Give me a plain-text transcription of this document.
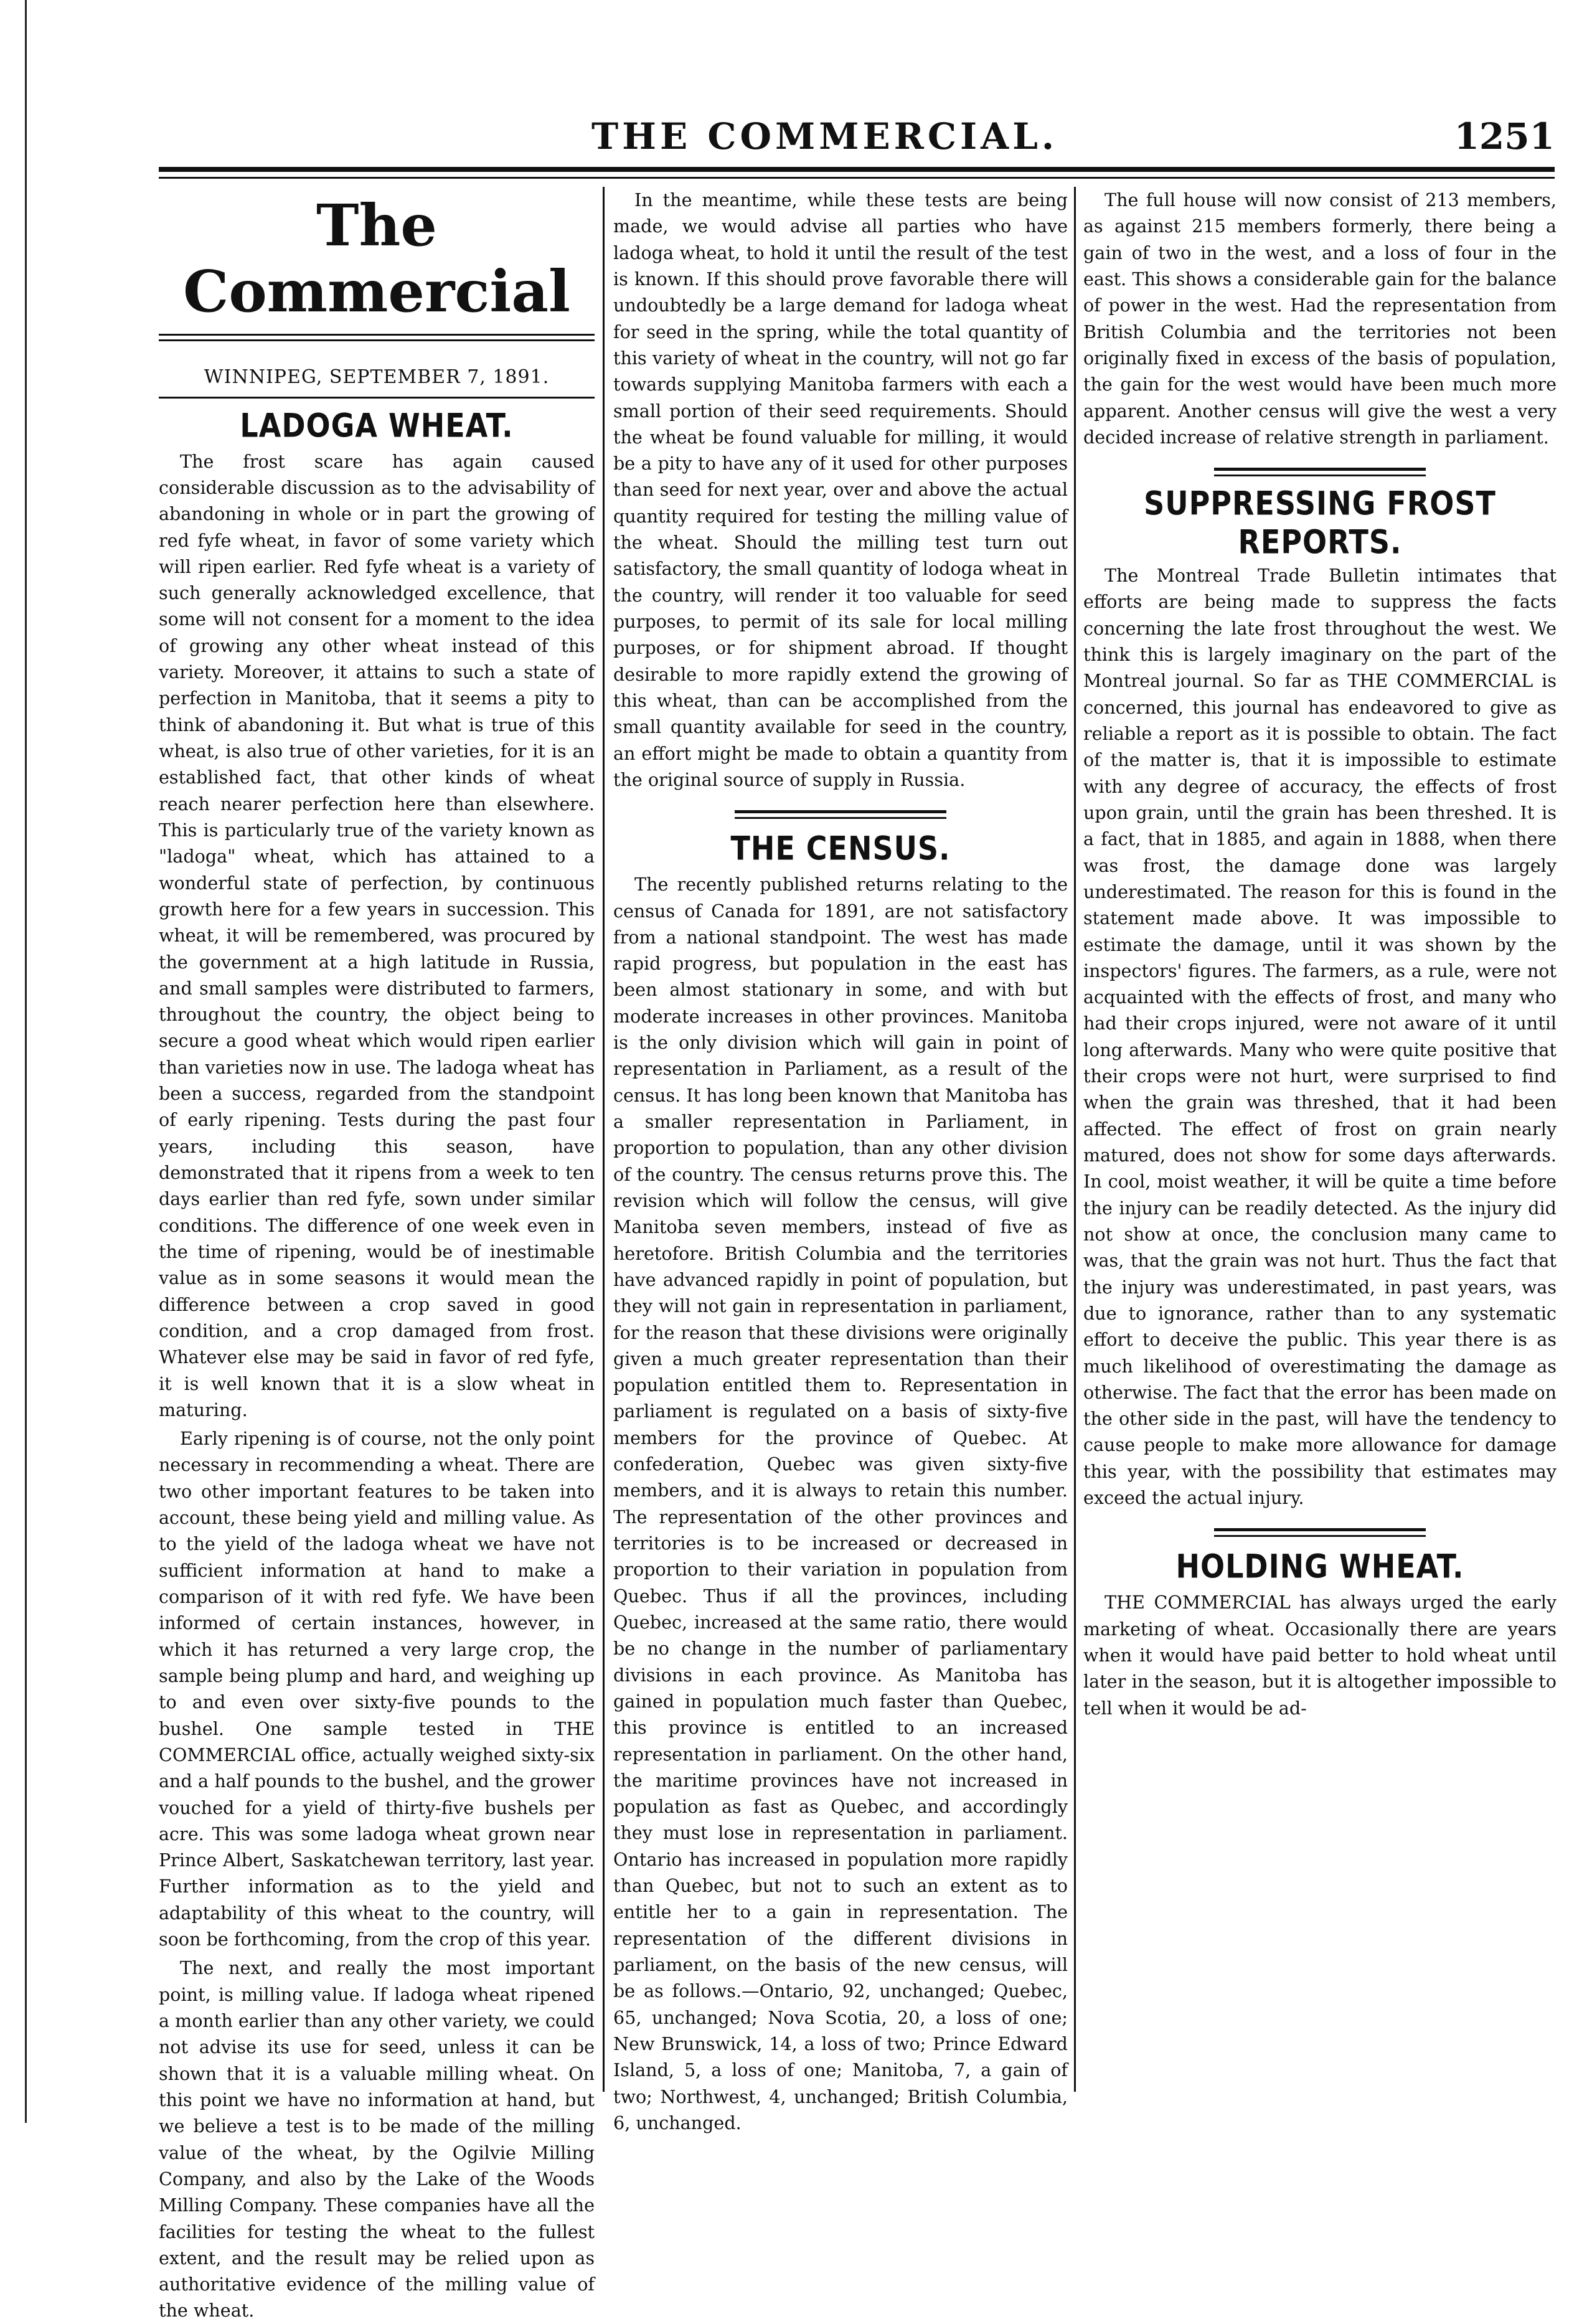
THE COMMERCIAL.	1251
The Commercial
WINNIPEG, SEPTEMBER 7, 1891.
LADOGA WHEAT.

The frost scare has again caused considerable discussion as to the advisability of abandoning in whole or in part the growing of red fyfe wheat, in favor of some variety which will ripen earlier. Red fyfe wheat is a variety of such generally acknowledged excellence, that some will not consent for a moment to the idea of growing any other wheat instead of this variety. Moreover, it attains to such a state of perfection in Manitoba, that it seems a pity to think of abandoning it. But what is true of this wheat, is also true of other varieties, for it is an established fact, that other kinds of wheat reach nearer perfection here than elsewhere. This is particularly true of the variety known as "ladoga" wheat, which has attained to a wonderful state of perfection, by continuous growth here for a few years in succession. This wheat, it will be remembered, was procured by the government at a high latitude in Russia, and small samples were distributed to farmers, throughout the country, the object being to secure a good wheat which would ripen earlier than varieties now in use. The ladoga wheat has been a success, regarded from the standpoint of early ripening. Tests during the past four years, including this season, have demonstrated that it ripens from a week to ten days earlier than red fyfe, sown under similar conditions. The difference of one week even in the time of ripening, would be of inestimable value as in some seasons it would mean the difference between a crop saved in good condition, and a crop damaged from frost. Whatever else may be said in favor of red fyfe, it is well known that it is a slow wheat in maturing.

Early ripening is of course, not the only point necessary in recommending a wheat. There are two other important features to be taken into account, these being yield and milling value. As to the yield of the ladoga wheat we have not sufficient information at hand to make a comparison of it with red fyfe. We have been informed of certain instances, however, in which it has returned a very large crop, the sample being plump and hard, and weighing up to and even over sixty-five pounds to the bushel. One sample tested in THE COMMERCIAL office, actually weighed sixty-six and a half pounds to the bushel, and the grower vouched for a yield of thirty-five bushels per acre. This was some ladoga wheat grown near Prince Albert, Saskatchewan territory, last year. Further information as to the yield and adaptability of this wheat to the country, will soon be forthcoming, from the crop of this year.

The next, and really the most important point, is milling value. If ladoga wheat ripened a month earlier than any other variety, we could not advise its use for seed, unless it can be shown that it is a valuable milling wheat. On this point we have no information at hand, but we believe a test is to be made of the milling value of the wheat, by the Ogilvie Milling Company, and also by the Lake of the Woods Milling Company. These companies have all the facilities for testing the wheat to the fullest extent, and the result may be relied upon as authoritative evidence of the milling value of the wheat.

In the meantime, while these tests are being made, we would advise all parties who have ladoga wheat, to hold it until the result of the test is known. If this should prove favorable there will undoubtedly be a large demand for ladoga wheat for seed in the spring, while the total quantity of this variety of wheat in the country, will not go far towards supplying Manitoba farmers with each a small portion of their seed requirements. Should the wheat be found valuable for milling, it would be a pity to have any of it used for other purposes than seed for next year, over and above the actual quantity required for testing the milling value of the wheat. Should the milling test turn out satisfactory, the small quantity of lodoga wheat in the country, will render it too valuable for seed purposes, to permit of its sale for local milling purposes, or for shipment abroad. If thought desirable to more rapidly extend the growing of this wheat, than can be accomplished from the small quantity available for seed in the country, an effort might be made to obtain a quantity from the original source of supply in Russia.

THE CENSUS.

The recently published returns relating to the census of Canada for 1891, are not satisfactory from a national standpoint. The west has made rapid progress, but population in the east has been almost stationary in some, and with but moderate increases in other provinces. Manitoba is the only division which will gain in point of representation in Parliament, as a result of the census. It has long been known that Manitoba has a smaller representation in Parliament, in proportion to population, than any other division of the country. The census returns prove this. The revision which will follow the census, will give Manitoba seven members, instead of five as heretofore. British Columbia and the territories have advanced rapidly in point of population, but they will not gain in representation in parliament, for the reason that these divisions were originally given a much greater representation than their population entitled them to. Representation in parliament is regulated on a basis of sixty-five members for the province of Quebec. At confederation, Quebec was given sixty-five members, and it is always to retain this number. The representation of the other provinces and territories is to be increased or decreased in proportion to their variation in population from Quebec. Thus if all the provinces, including Quebec, increased at the same ratio, there would be no change in the number of parliamentary divisions in each province. As Manitoba has gained in population much faster than Quebec, this province is entitled to an increased representation in parliament. On the other hand, the maritime provinces have not increased in population as fast as Quebec, and accordingly they must lose in representation in parliament. Ontario has increased in population more rapidly than Quebec, but not to such an extent as to entitle her to a gain in representation. The representation of the different divisions in parliament, on the basis of the new census, will be as follows.—Ontario, 92, unchanged; Quebec, 65, unchanged; Nova Scotia, 20, a loss of one; New Brunswick, 14, a loss of two; Prince Edward Island, 5, a loss of one; Manitoba, 7, a gain of two; Northwest, 4, unchanged; British Columbia, 6, unchanged.

The full house will now consist of 213 members, as against 215 members formerly, there being a gain of two in the west, and a loss of four in the east. This shows a considerable gain for the balance of power in the west. Had the representation from British Columbia and the territories not been originally fixed in excess of the basis of population, the gain for the west would have been much more apparent. Another census will give the west a very decided increase of relative strength in parliament.

SUPPRESSING FROST REPORTS.

The Montreal Trade Bulletin intimates that efforts are being made to suppress the facts concerning the late frost throughout the west. We think this is largely imaginary on the part of the Montreal journal. So far as THE COMMERCIAL is concerned, this journal has endeavored to give as reliable a report as it is possible to obtain. The fact of the matter is, that it is impossible to estimate with any degree of accuracy, the effects of frost upon grain, until the grain has been threshed. It is a fact, that in 1885, and again in 1888, when there was frost, the damage done was largely underestimated. The reason for this is found in the statement made above. It was impossible to estimate the damage, until it was shown by the inspectors' figures. The farmers, as a rule, were not acquainted with the effects of frost, and many who had their crops injured, were not aware of it until long afterwards. Many who were quite positive that their crops were not hurt, were surprised to find when the grain was threshed, that it had been affected. The effect of frost on grain nearly matured, does not show for some days afterwards. In cool, moist weather, it will be quite a time before the injury can be readily detected. As the injury did not show at once, the conclusion many came to was, that the grain was not hurt. Thus the fact that the injury was underestimated, in past years, was due to ignorance, rather than to any systematic effort to deceive the public. This year there is as much likelihood of overestimating the damage as otherwise. The fact that the error has been made on the other side in the past, will have the tendency to cause people to make more allowance for damage this year, with the possibility that estimates may exceed the actual injury.

HOLDING WHEAT.

THE COMMERCIAL has always urged the early marketing of wheat. Occasionally there are years when it would have paid better to hold wheat until later in the season, but it is altogether impossible to tell when it would be ad-
